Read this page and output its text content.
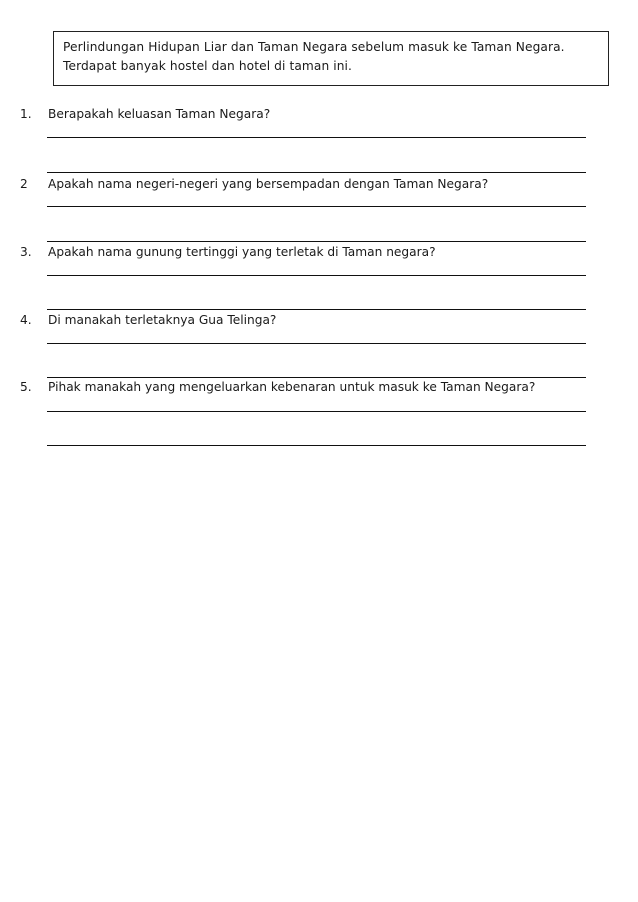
Perlindungan Hidupan Liar dan Taman Negara sebelum masuk ke Taman Negara.
Terdapat banyak hostel dan hotel di taman ini.
1. Berapakah keluasan Taman Negara?
2 Apakah nama negeri-negeri yang bersempadan dengan Taman Negara?
3. Apakah nama gunung tertinggi yang terletak di Taman negara?
4. Di manakah terletaknya Gua Telinga?
5. Pihak manakah yang mengeluarkan kebenaran untuk masuk ke Taman Negara?
